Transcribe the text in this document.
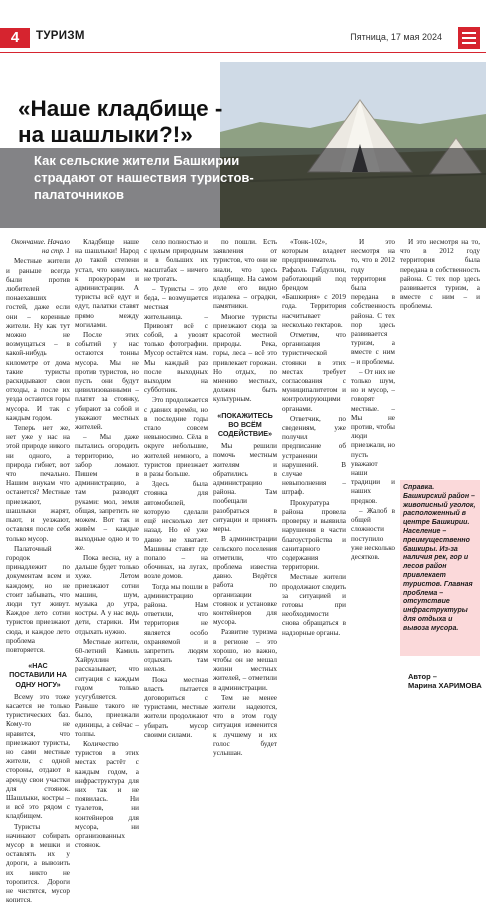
4	ТУРИЗМ	Пятница, 17 мая 2024
«Наше кладбище -
на шашлыки?!»
Как сельские жители Башкирии страдают от нашествия туристов-палаточников

Окончание. Начало на стр. 1

Местные жители и раньше всегда были против любителей понаехавших гостей, даже если они – коренные жители. Ну как тут можно не возмущаться – в какой-нибудь километре от дома такие туристы раскидывают свои отходы, а после их уезда остаются горы мусора. И так с каждым годом.

Теперь нет же, нет уже у нас на этой природе никого ни одного, а природа гибнет, вот что печально. Нашим внукам что останется? Местные приезжают, шашлыки жарят, пьют, и уезжают, оставляя после себя только мусор.

Палаточный городок принадлежит по документам всем и каждому, но не стоит забывать, что люди тут живут. Каждое лето сотни туристов приезжают сюда, и каждое лето проблема повторяется.

«НАС ПОСТАВИЛИ НА ОДНУ НОГУ»

Всему это тоже касается не только туристических баз. Кому-то не нравится, что приезжают туристы, но сами местные жители, с одной стороны, отдают в аренду свои участки для стоянок. Шашлыки, костры – и всё это рядом с кладбищем.

Туристы начинают собирать мусор в мешки и оставлять их у дороги, а вывозить их никто не торопится. Дороги не чистятся, мусор копится.

Кладбище наше на шашлыки! Народ до такой степени устал, что кинулись к прокурорам и администрации. А туристы всё едут и едут, палатки ставят прямо между могилами.

После этих событий у нас остаются тонны мусора. Мы не против туристов, но пусть они будут цивилизованными – платят за стоянку, убирают за собой и уважают местных жителей.

– Мы даже пытались огородить территорию, но забор ломают. Пишем в администрацию, а там разводят руками: мол, земля общая, запретить не можем. Вот так и живём – каждые выходные одно и то же.

Пока весна, ну а дальше будет только хуже. Летом приезжают сотни машин, шум, музыка до утра, костры. А у нас ведь дети, старики. Им отдыхать нужно.

Местные жители, 60-летний Камиль Хайруллин рассказывает, что ситуация с каждым годом только усугубляется. Раньше такого не было, приезжали единицы, а сейчас – толпы.

Количество туристов в этих местах растёт с каждым годом, а инфраструктура для них так и не появилась. Ни туалетов, ни контейнеров для мусора, ни организованных стоянок.

село полностью и с целым природным и в больших их масштабах – ничего не трогать.

– Туристы – это беда, – возмущается местная жительница. – Привозят всё с собой, а увозят только фотографии. Мусор остаётся нам. Мы каждый раз после выходных выходим на субботник.

Это продолжается с давних времён, но в последние годы стало совсем невыносимо. Сёла в округе небольшие, жителей немного, а туристов приезжает в разы больше.

Здесь была стоянка для автомобилей, которую сделали ещё несколько лет назад. Но её уже давно не хватает. Машины ставят где попало – на обочинах, на лугах, возле домов.

Тогда мы пошли в администрацию района. Нам ответили, что территория не является особо охраняемой и запретить людям отдыхать там нельзя.

Пока местная власть пытается договориться с туристами, местные жители продолжают убирать мусор своими силами.

по пошли. Есть заявления от туристов, что они не знали, что здесь кладбище. На самом деле его видно издалека – оградки, памятники.

Многие туристы приезжают сюда за красотой местной природы. Река, горы, леса – всё это привлекает горожан. Но отдых, по мнению местных, должен быть культурным.

«ПОКАЖИТЕСЬ ВО ВСЁМ СОДЕЙСТВИЕ»

Мы решили помочь местным жителям и обратились в администрацию района. Там пообещали разобраться в ситуации и принять меры.

В администрации сельского поселения отметили, что проблема известна давно. Ведётся работа по организации стоянок и установке контейнеров для мусора.

Развитие туризма в регионе – это хорошо, но важно, чтобы он не мешал жизни местных жителей, – отметили в администрации.

Тем не менее жители надеются, что в этом году ситуация изменится к лучшему и их голос будет услышан.

«Тонк-102», которым владеет предприниматель Рафаэль Габдуллин, работающий под брендом «Башкирия» с 2019 года. Территория насчитывает несколько гектаров.

Отметим, что организация туристической стоянки в этих местах требует согласования с муниципалитетом и контролирующими органами.

Ответчик, по сведениям, уже получил предписание об устранении нарушений. В случае невыполнения – штраф.

Прокуратура района провела проверку и выявила нарушения в части благоустройства и санитарного содержания территории.

Местные жители продолжают следить за ситуацией и готовы при необходимости снова обращаться в надзорные органы.

И это несмотря на то, что в 2012 году территория была передана в собственность района. С тех пор здесь развивается туризм, а вместе с ним – и проблемы.

– От них не только шум, но и мусор, – говорят местные. – Мы не против, чтобы люди приезжали, но пусть уважают наши традиции и наших предков.

– Жалоб в общей сложности поступило уже несколько десятков.

И это несмотря на то, что в 2012 году территория была передана в собственность района. С тех пор здесь развивается туризм, а вместе с ним – и проблемы.

Справка. Башкирский район – живописный уголок, расположенный в центре Башкирии. Население – преимущественно башкиры. Из-за наличия рек, гор и лесов район привлекает туристов. Главная проблема – отсутствие инфраструктуры для отдыха и вывоза мусора.
Автор –
Марина ХАРИМОВА
